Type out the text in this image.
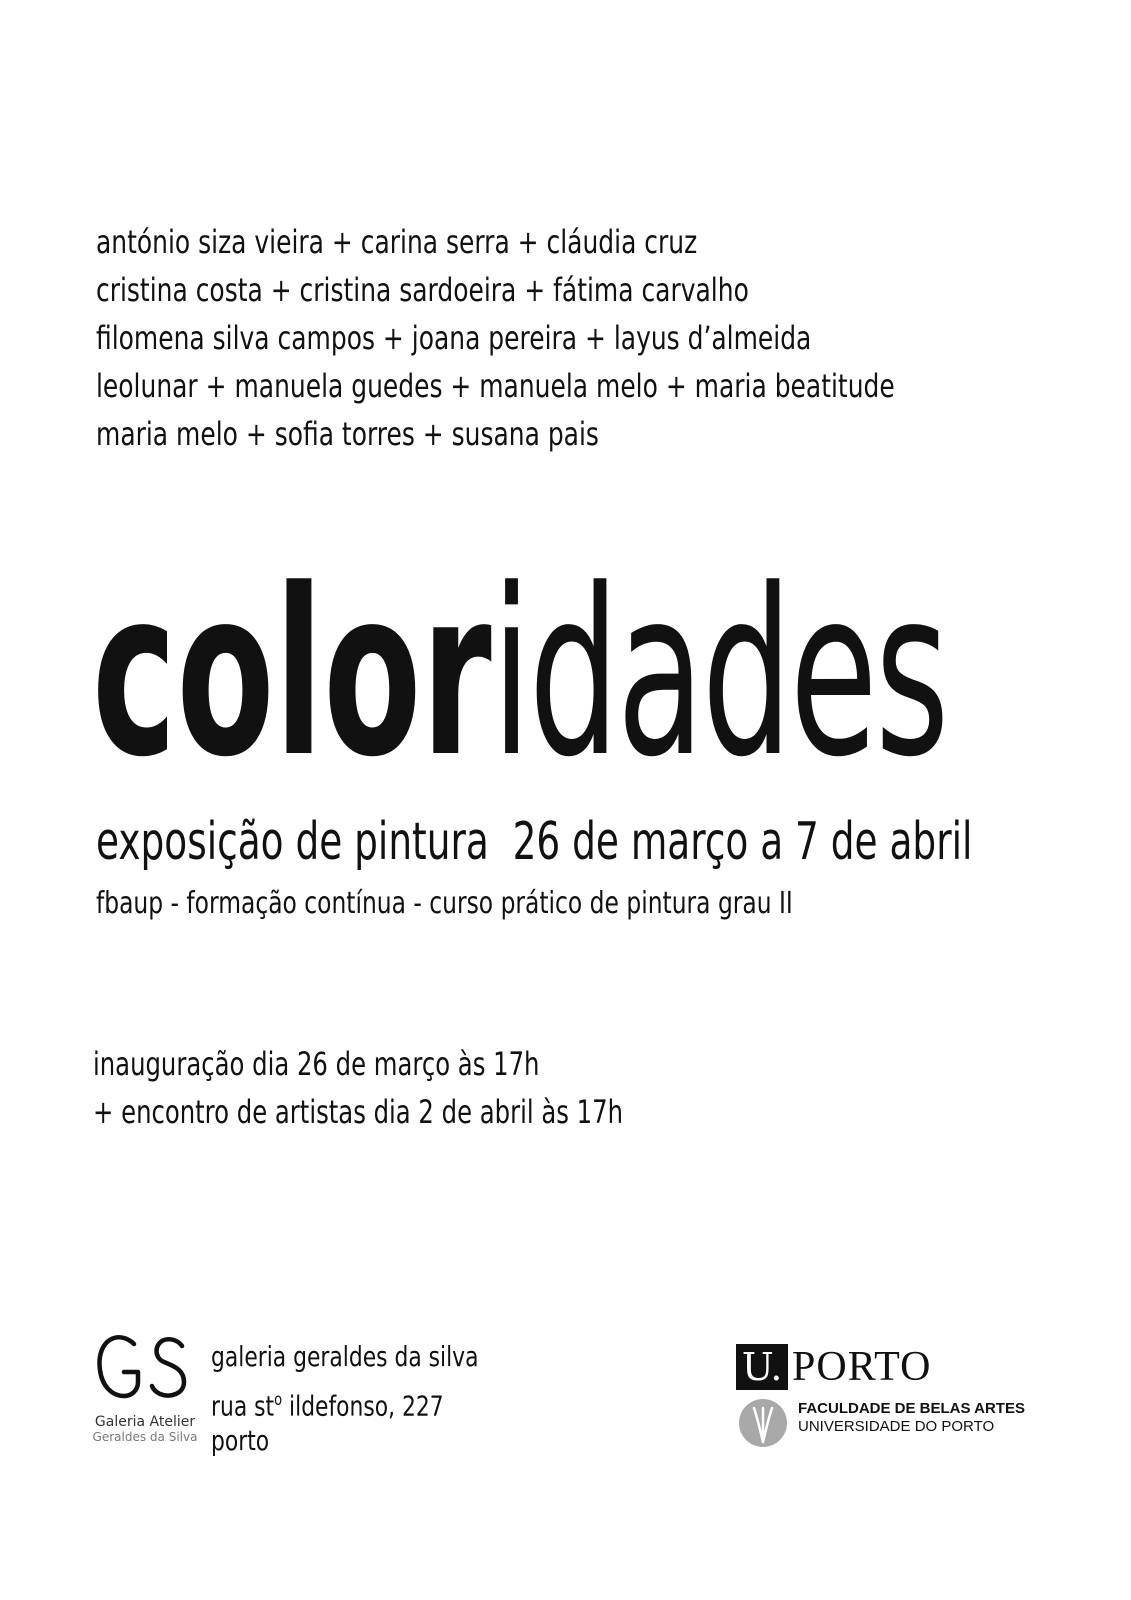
antónio siza vieira + carina serra + cláudia cruz
cristina costa + cristina sardoeira + fátima carvalho
filomena silva campos + joana pereira + layus d’almeida
leolunar + manuela guedes + manuela melo + maria beatitude
maria melo + sofia torres + susana pais
coloridades
exposição de pintura  26 de março a 7 de abril
fbaup - formação contínua - curso prático de pintura grau II
inauguração dia 26 de março às 17h
+ encontro de artistas dia 2 de abril às 17h
Galeria Atelier
Geraldes da Silva
galeria geraldes da silva
rua $st^o$ ildefonso, 227
porto
U. PORTO
FACULDADE DE BELAS ARTES
UNIVERSIDADE DO PORTO
